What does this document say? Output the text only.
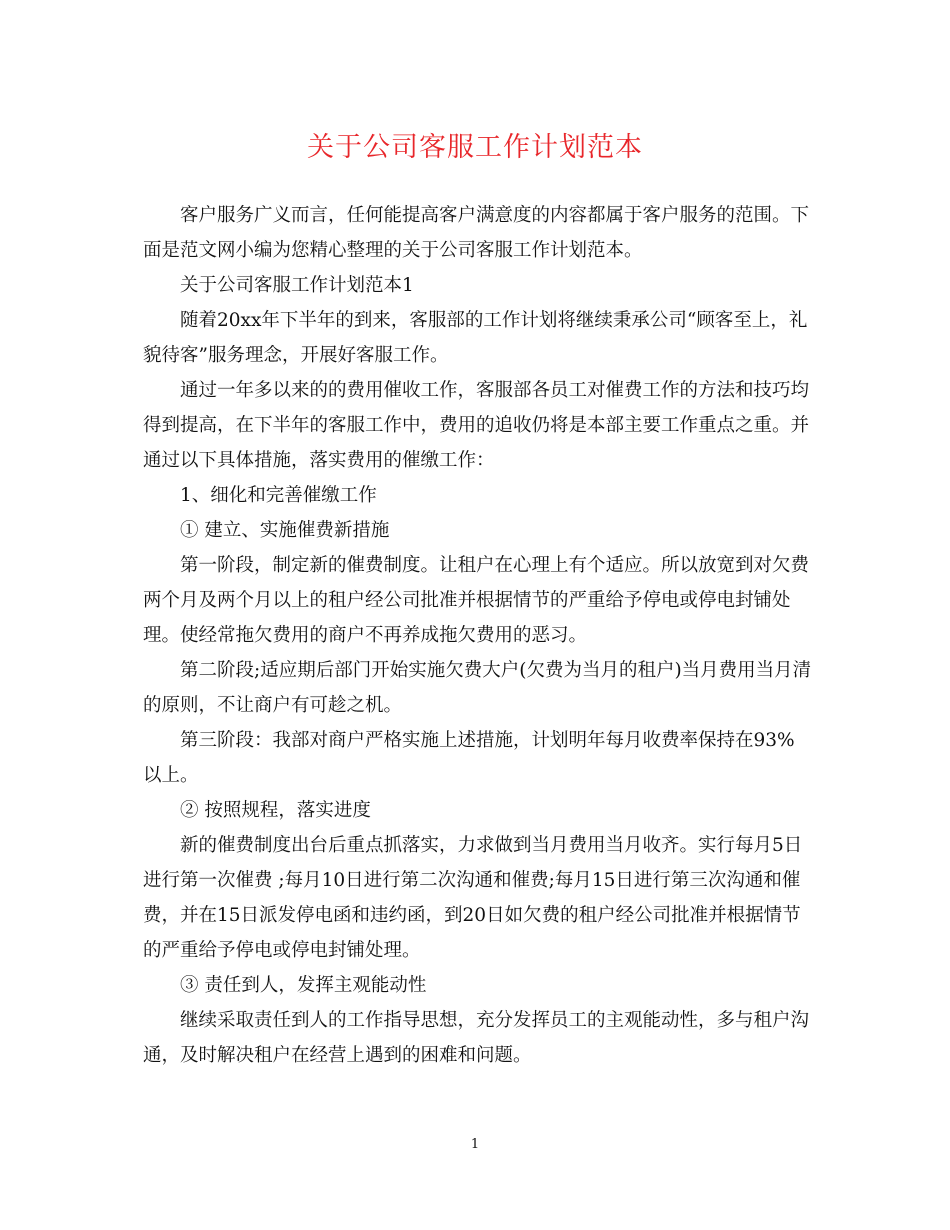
关于公司客服工作计划范本

客户服务广义而言，任何能提高客户满意度的内容都属于客户服务的范围。下面是范文网小编为您精心整理的关于公司客服工作计划范本。

关于公司客服工作计划范本1

随着20xx年下半年的到来，客服部的工作计划将继续秉承公司“顾客至上，礼貌待客”服务理念，开展好客服工作。

通过一年多以来的的费用催收工作，客服部各员工对催费工作的方法和技巧均得到提高，在下半年的客服工作中，费用的追收仍将是本部主要工作重点之重。并通过以下具体措施，落实费用的催缴工作：

1、细化和完善催缴工作

① 建立、实施催费新措施

第一阶段，制定新的催费制度。让租户在心理上有个适应。所以放宽到对欠费两个月及两个月以上的租户经公司批准并根据情节的严重给予停电或停电封铺处理。使经常拖欠费用的商户不再养成拖欠费用的恶习。

第二阶段;适应期后部门开始实施欠费大户(欠费为当月的租户)当月费用当月清的原则，不让商户有可趁之机。

第三阶段：我部对商户严格实施上述措施，计划明年每月收费率保持在93%以上。

② 按照规程，落实进度

新的催费制度出台后重点抓落实，力求做到当月费用当月收齐。实行每月5日进行第一次催费 ;每月10日进行第二次沟通和催费;每月15日进行第三次沟通和催费，并在15日派发停电函和违约函，到20日如欠费的租户经公司批准并根据情节的严重给予停电或停电封铺处理。

③ 责任到人，发挥主观能动性

继续采取责任到人的工作指导思想，充分发挥员工的主观能动性，多与租户沟通，及时解决租户在经营上遇到的困难和问题。

1
